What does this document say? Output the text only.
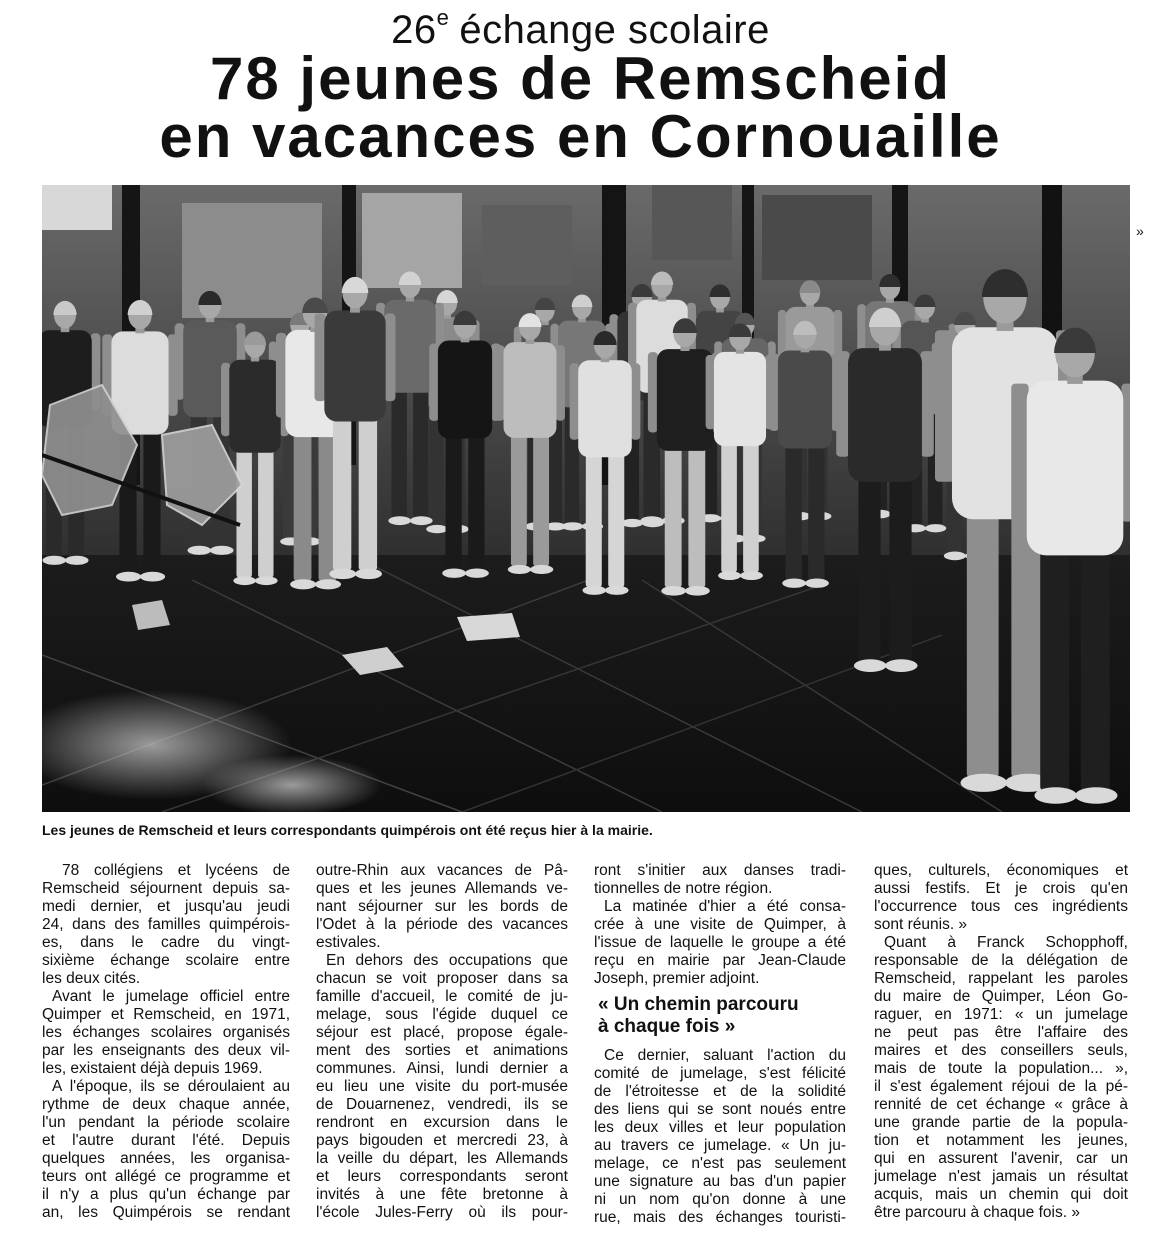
26e échange scolaire
78 jeunes de Remscheid
en vacances en Cornouaille
»
Les jeunes de Remscheid et leurs correspondants quimpérois ont été reçus hier à la mairie.
78 collégiens et lycéens de
Remscheid séjournent depuis sa-
medi dernier, et jusqu'au jeudi
24, dans des familles quimpérois-
es, dans le cadre du vingt-
sixième échange scolaire entre
les deux cités.
Avant le jumelage officiel entre
Quimper et Remscheid, en 1971,
les échanges scolaires organisés
par les enseignants des deux vil-
les, existaient déjà depuis 1969.
A l'époque, ils se déroulaient au
rythme de deux chaque année,
l'un pendant la période scolaire
et l'autre durant l'été. Depuis
quelques années, les organisa-
teurs ont allégé ce programme et
il n'y a plus qu'un échange par
an, les Quimpérois se rendant
outre-Rhin aux vacances de Pâ-
ques et les jeunes Allemands ve-
nant séjourner sur les bords de
l'Odet à la période des vacances
estivales.
En dehors des occupations que
chacun se voit proposer dans sa
famille d'accueil, le comité de ju-
melage, sous l'égide duquel ce
séjour est placé, propose égale-
ment des sorties et animations
communes. Ainsi, lundi dernier a
eu lieu une visite du port-musée
de Douarnenez, vendredi, ils se
rendront en excursion dans le
pays bigouden et mercredi 23, à
la veille du départ, les Allemands
et leurs correspondants seront
invités à une fête bretonne à
l'école Jules-Ferry où ils pour-
ront s'initier aux danses tradi-
tionnelles de notre région.
La matinée d'hier a été consa-
crée à une visite de Quimper, à
l'issue de laquelle le groupe a été
reçu en mairie par Jean-Claude
Joseph, premier adjoint.
« Un chemin parcouru
à chaque fois »
Ce dernier, saluant l'action du
comité de jumelage, s'est félicité
de l'étroitesse et de la solidité
des liens qui se sont noués entre
les deux villes et leur population
au travers ce jumelage. « Un ju-
melage, ce n'est pas seulement
une signature au bas d'un papier
ni un nom qu'on donne à une
rue, mais des échanges touristi-
ques, culturels, économiques et
aussi festifs. Et je crois qu'en
l'occurrence tous ces ingrédients
sont réunis. »
Quant à Franck Schopphoff,
responsable de la délégation de
Remscheid, rappelant les paroles
du maire de Quimper, Léon Go-
raguer, en 1971: « un jumelage
ne peut pas être l'affaire des
maires et des conseillers seuls,
mais de toute la population... »,
il s'est également réjoui de la pé-
rennité de cet échange « grâce à
une grande partie de la popula-
tion et notamment les jeunes,
qui en assurent l'avenir, car un
jumelage n'est jamais un résultat
acquis, mais un chemin qui doit
être parcouru à chaque fois. »
